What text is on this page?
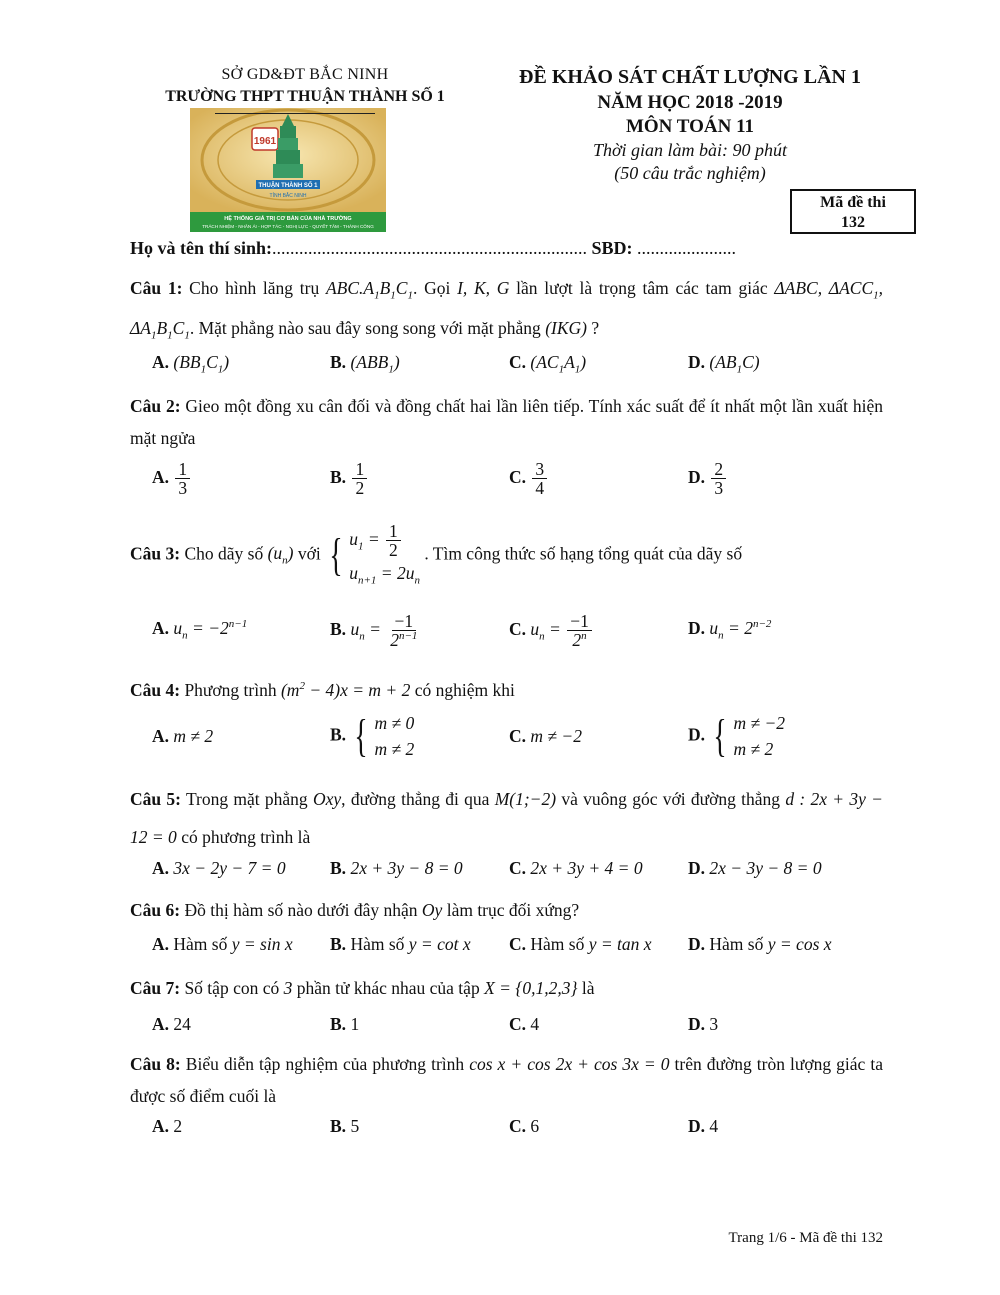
SỞ GD&ĐT BẮC NINH
TRƯỜNG THPT THUẬN THÀNH SỐ 1
1961
THUẬN THÀNH SỐ 1
TỈNH BẮC NINH
HỆ THỐNG GIÁ TRỊ CƠ BẢN CỦA NHÀ TRƯỜNG
TRÁCH NHIỆM - NHÂN ÁI - HỢP TÁC - NGHỊ LỰC - QUYẾT TÂM - THÀNH CÔNG
ĐỀ KHẢO SÁT CHẤT LƯỢNG LẦN 1
NĂM HỌC 2018 -2019
MÔN TOÁN 11
Thời gian làm bài: 90 phút
(50 câu trắc nghiệm)
Mã đề thi
132
Họ và tên thí sinh:...................................................................... SBD: ......................
Câu 1: Cho hình lăng trụ $ABC.A_1B_1C_1$. Gọi I, K, G lần lượt là trọng tâm các tam giác ΔABC, $\Delta ACC_1$, $\Delta A_1B_1C_1$. Mặt phẳng nào sau đây song song với mặt phẳng (IKG) ?
A. $(BB_1C_1)$	B. $(ABB_1)$	C. $(AC_1A_1)$	D. $(AB_1C)$
Câu 2: Gieo một đồng xu cân đối và đồng chất hai lần liên tiếp. Tính xác suất để ít nhất một lần xuất hiện mặt ngửa
A. $\frac{1}{3}$	B. $\frac{1}{2}$	C. $\frac{3}{4}$	D. $\frac{2}{3}$
Câu 3: Cho dãy số $(u_n)$ với { $u_1 = \frac{1}{2}$
$u_{n+1} = 2u_n$
. Tìm công thức số hạng tổng quát của dãy số
A. $u_n = -2^{n-1}$	B. $u_n = \frac{-1}{2^{n-1}}$	C. $u_n = \frac{-1}{2^n}$	D. $u_n = 2^{n-2}$
Câu 4: Phương trình $(m^2 - 4)x = m + 2$ có nghiệm khi
A. m ≠ 2	B. { m ≠ 0
m ≠ 2
C. m ≠ −2	D. { m ≠ −2
m ≠ 2
Câu 5: Trong mặt phẳng Oxy, đường thẳng đi qua M(1;−2) và vuông góc với đường thẳng d : 2x + 3y − 12 = 0 có phương trình là
A. 3x − 2y − 7 = 0	B. 2x + 3y − 8 = 0	C. 2x + 3y + 4 = 0	D. 2x − 3y − 8 = 0
Câu 6: Đồ thị hàm số nào dưới đây nhận Oy làm trục đối xứng?
A. Hàm số y = sin x B. Hàm số y = cot x C. Hàm số y = tan x D. Hàm số y = cos x
Câu 7: Số tập con có 3 phần tử khác nhau của tập X = {0,1,2,3} là
A. 24	B. 1	C. 4	D. 3
Câu 8: Biểu diễn tập nghiệm của phương trình cos x + cos 2x + cos 3x = 0 trên đường tròn lượng giác ta được số điểm cuối là
A. 2	B. 5	C. 6	D. 4
Trang 1/6 - Mã đề thi 132
